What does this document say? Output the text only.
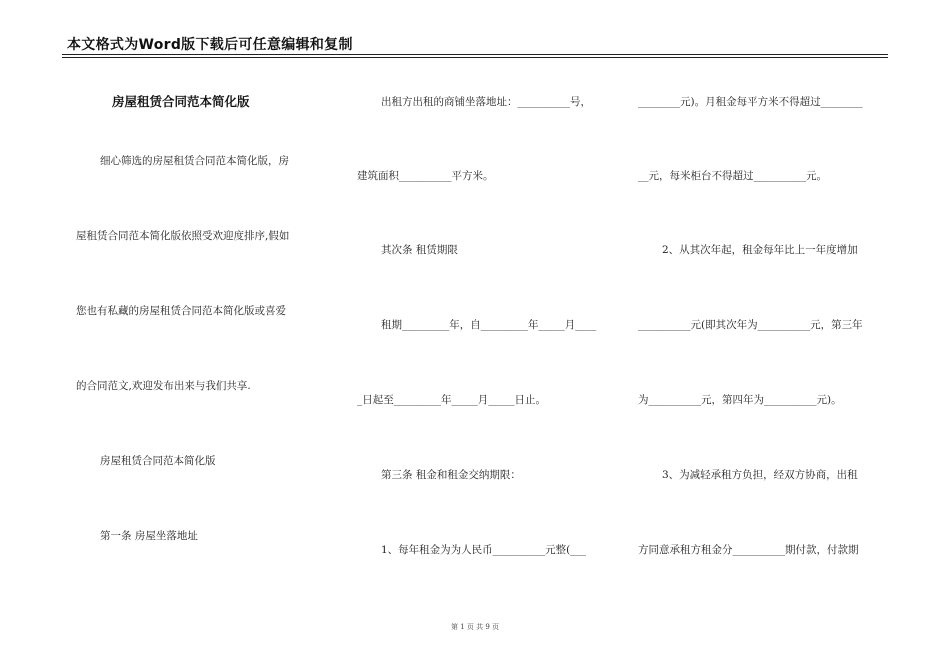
本文格式为Word版下载后可任意编辑和复制
房屋租赁合同范本简化版
细心筛选的房屋租赁合同范本简化版，房
屋租赁合同范本简化版依照受欢迎度排序,假如
您也有私藏的房屋租赁合同范本简化版或喜爱
的合同范文,欢迎发布出来与我们共享.
房屋租赁合同范本简化版
第一条 房屋坐落地址
出租方出租的商铺坐落地址：__________号，
建筑面积__________平方米。
其次条 租赁期限
租期_________年，自_________年_____月____
_日起至_________年_____月_____日止。
第三条 租金和租金交纳期限：
1、每年租金为为人民币__________元整(___
________元)。月租金每平方米不得超过________
__元，每米柜台不得超过__________元。
2、从其次年起，租金每年比上一年度增加
__________元(即其次年为__________元，第三年
为__________元，第四年为__________元)。
3、为减轻承租方负担，经双方协商，出租
方同意承租方租金分__________期付款，付款期
第 1 页 共 9 页
